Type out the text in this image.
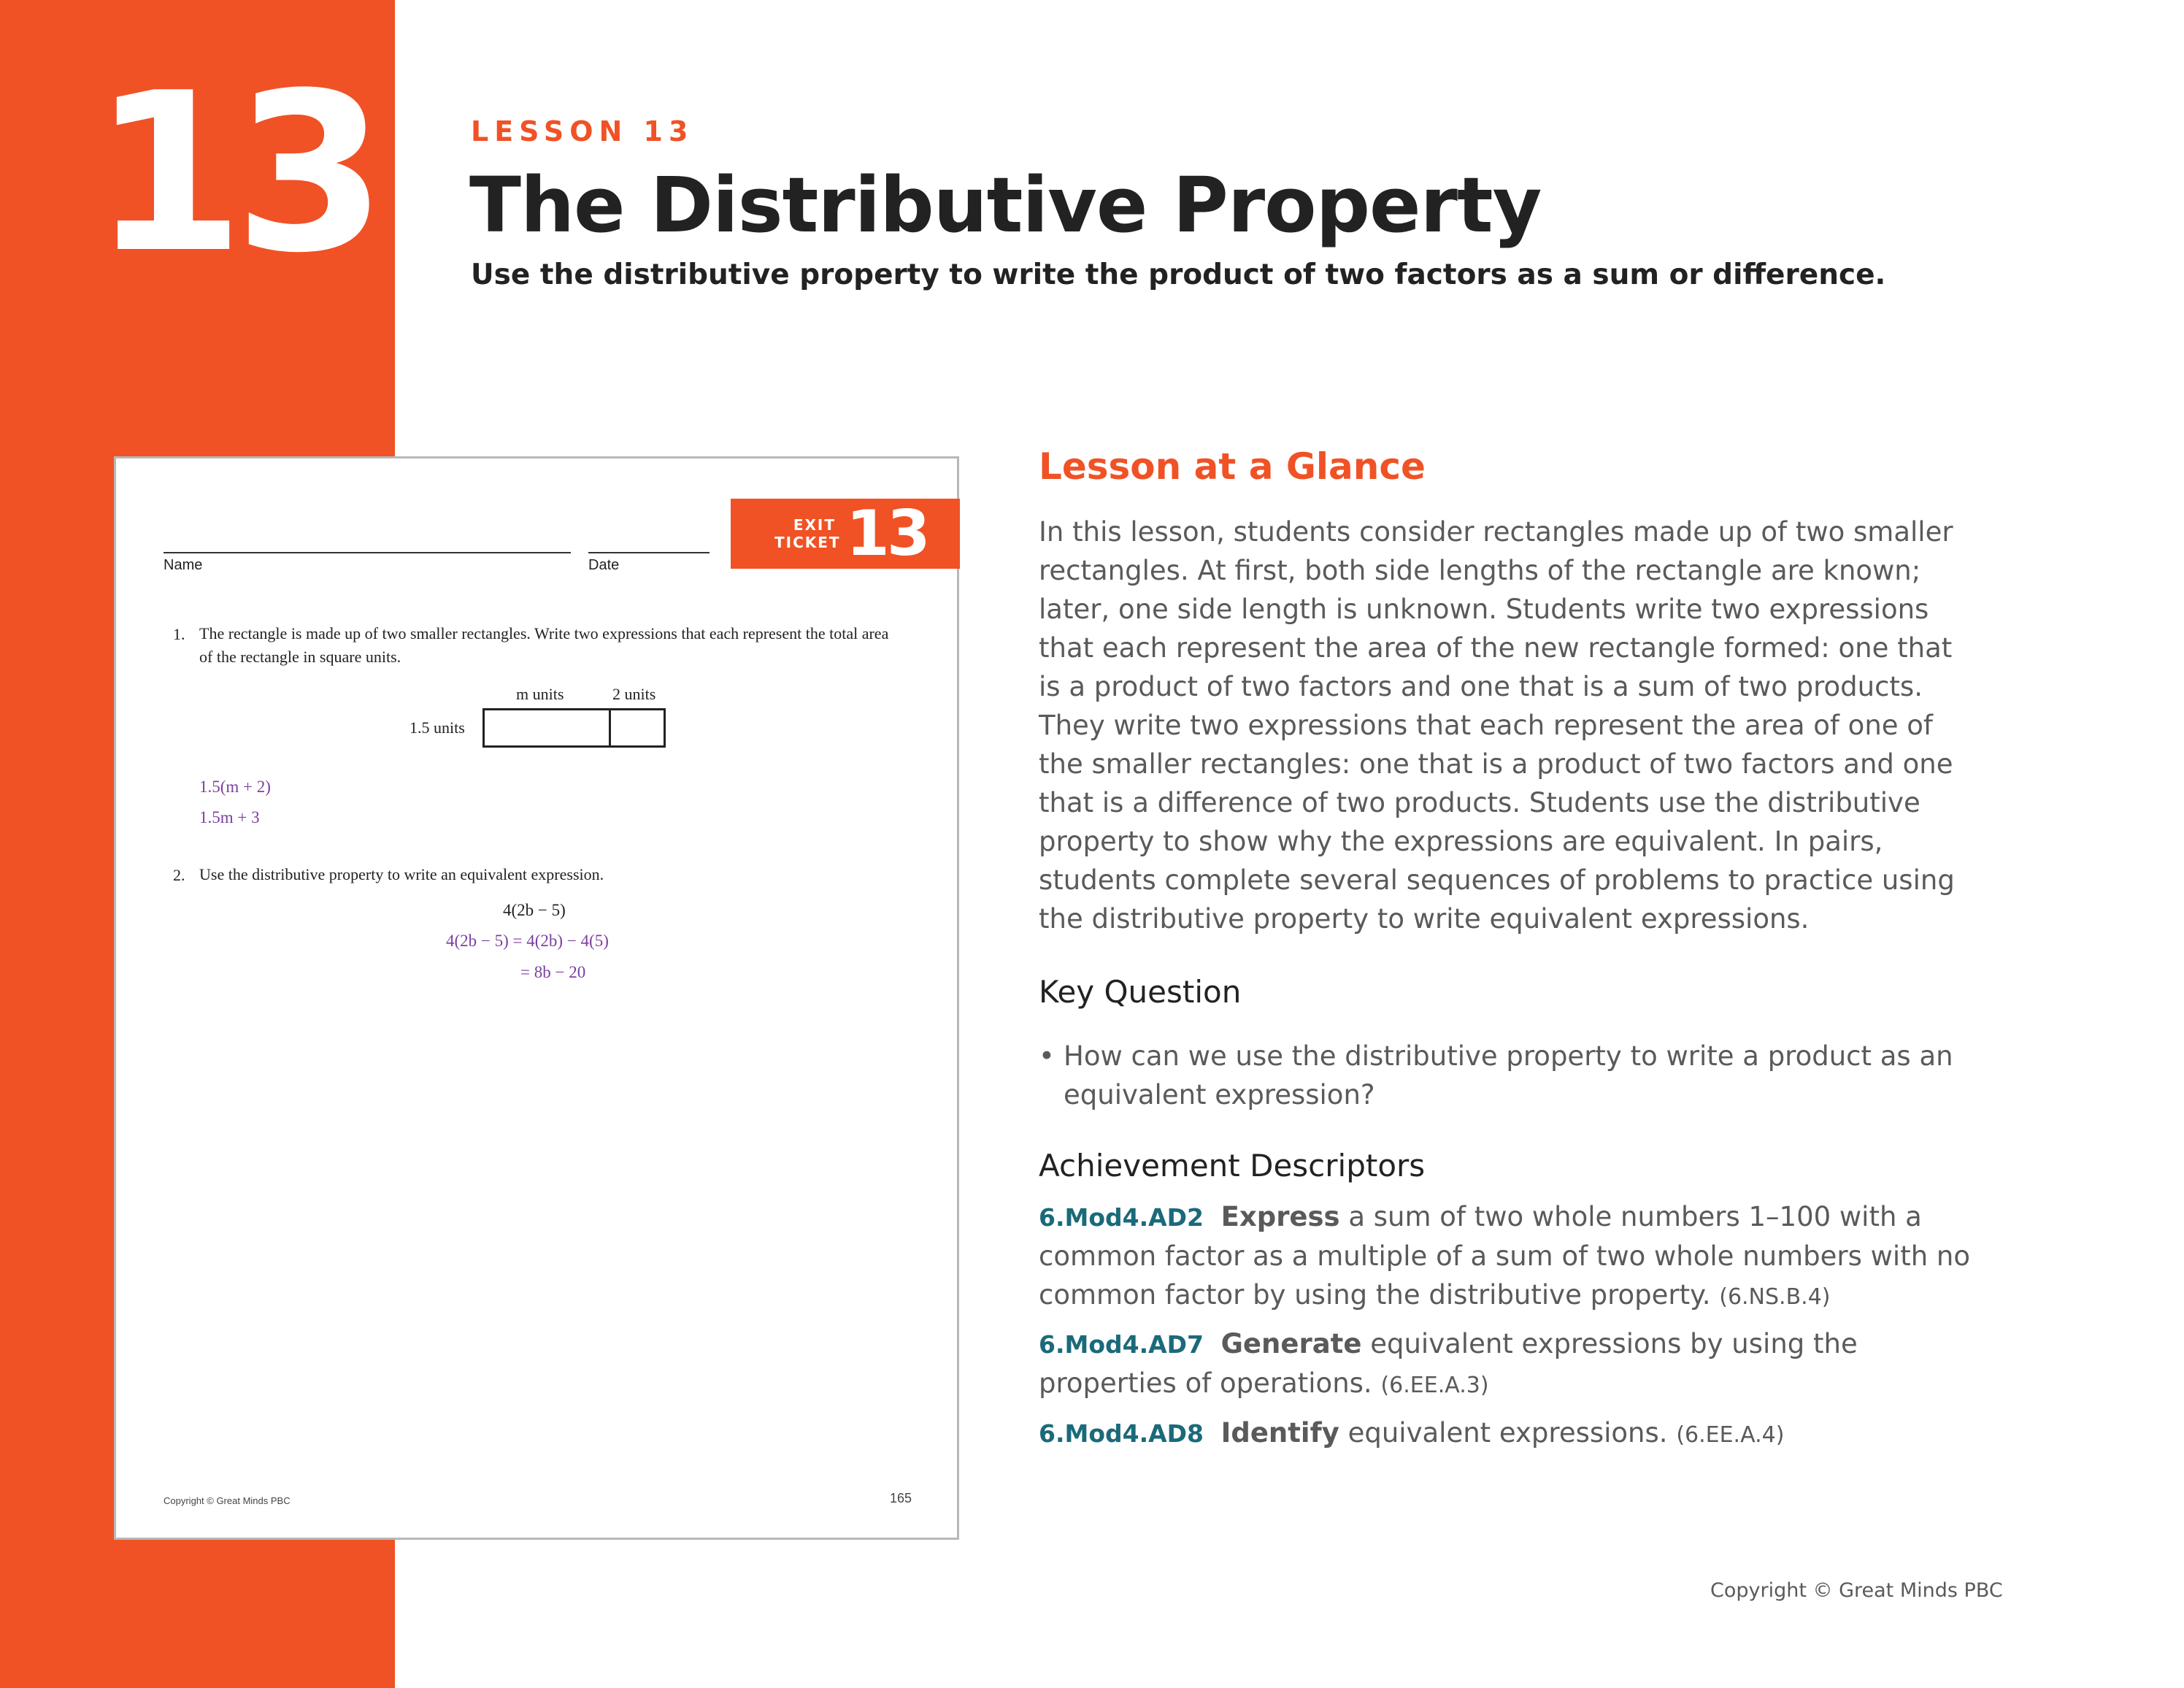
13	LESSON 13
The Distributive Property
Use the distributive property to write the product of two factors as a sum or difference.
EXIT
TICKET 13
Name	Date
1. The rectangle is made up of two smaller rectangles. Write two expressions that each represent the total area of the rectangle in square units.
m units	2 units
1.5 units
1.5(m + 2)
1.5m + 3
2. Use the distributive property to write an equivalent expression.
4(2b − 5)
4(2b − 5) = 4(2b) − 4(5)
= 8b − 20
Copyright © Great Minds PBC	165
Lesson at a Glance
In this lesson, students consider rectangles made up of two smaller rectangles. At first, both side lengths of the rectangle are known; later, one side length is unknown. Students write two expressions that each represent the area of the new rectangle formed: one that is a product of two factors and one that is a sum of two products. They write two expressions that each represent the area of one of the smaller rectangles: one that is a product of two factors and one that is a difference of two products. Students use the distributive property to show why the expressions are equivalent. In pairs, students complete several sequences of problems to practice using the distributive property to write equivalent expressions.
Key Question
• How can we use the distributive property to write a product as an equivalent expression?
Achievement Descriptors
6.Mod4.AD2 Express a sum of two whole numbers 1–100 with a common factor as a multiple of a sum of two whole numbers with no common factor by using the distributive property. (6.NS.B.4)
6.Mod4.AD7 Generate equivalent expressions by using the properties of operations. (6.EE.A.3)
6.Mod4.AD8 Identify equivalent expressions. (6.EE.A.4)
Copyright © Great Minds PBC
